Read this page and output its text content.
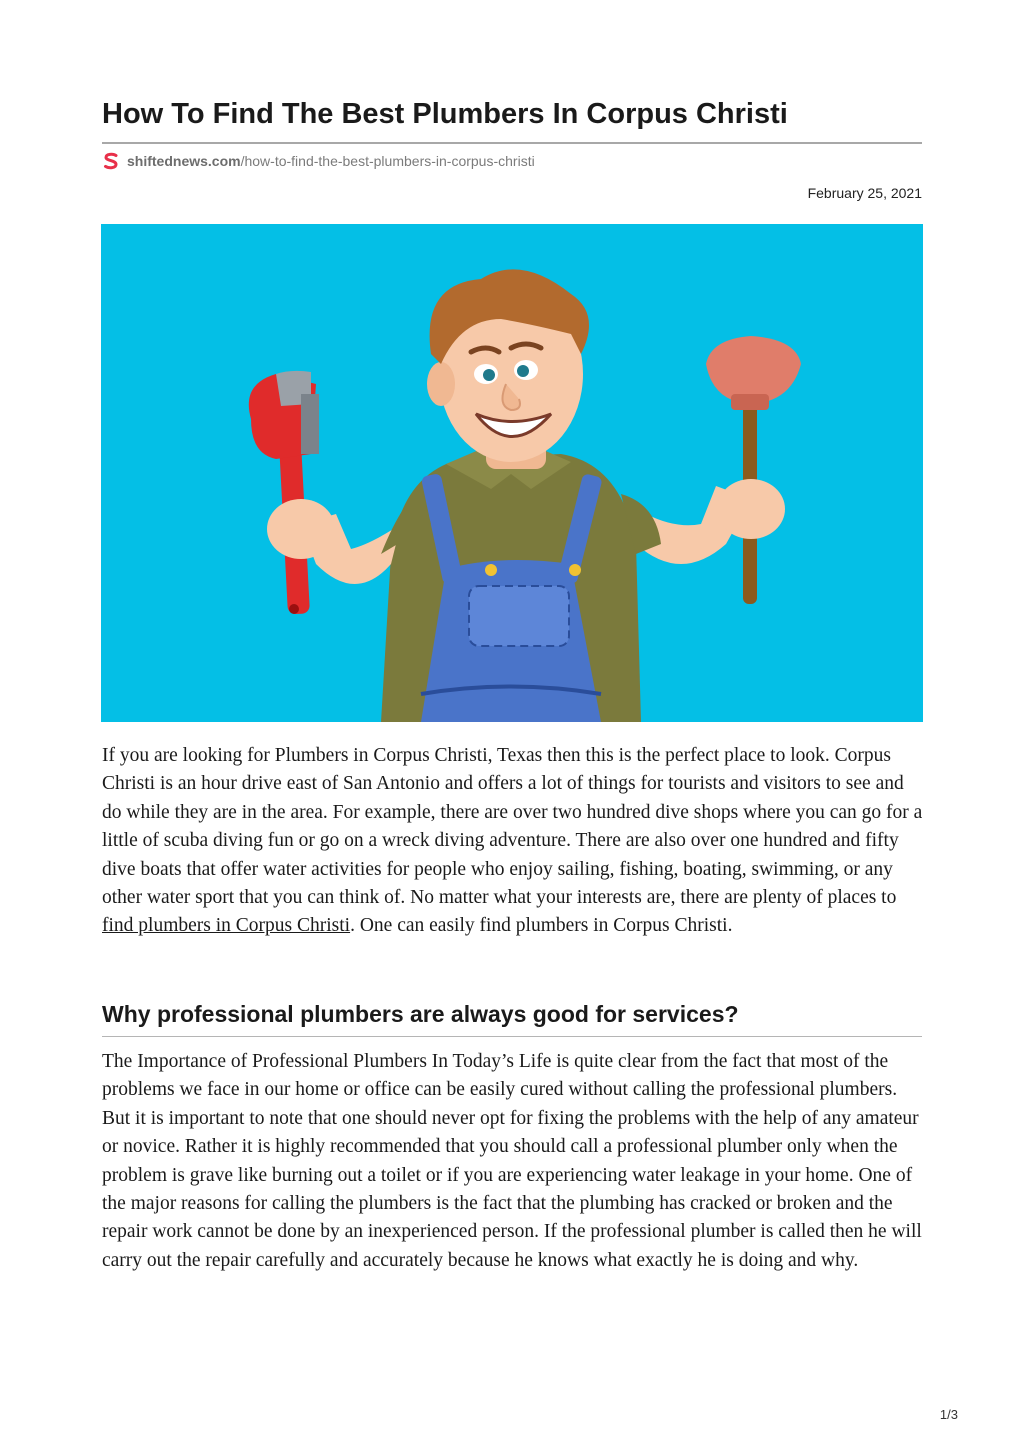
How To Find The Best Plumbers In Corpus Christi
shiftednews.com/how-to-find-the-best-plumbers-in-corpus-christi
February 25, 2021

If you are looking for Plumbers in Corpus Christi, Texas then this is the perfect place to look. Corpus Christi is an hour drive east of San Antonio and offers a lot of things for tourists and visitors to see and do while they are in the area. For example, there are over two hundred dive shops where you can go for a little of scuba diving fun or go on a wreck diving adventure. There are also over one hundred and fifty dive boats that offer water activities for people who enjoy sailing, fishing, boating, swimming, or any other water sport that you can think of. No matter what your interests are, there are plenty of places to find plumbers in Corpus Christi. One can easily find plumbers in Corpus Christi.

Why professional plumbers are always good for services?

The Importance of Professional Plumbers In Today’s Life is quite clear from the fact that most of the problems we face in our home or office can be easily cured without calling the professional plumbers. But it is important to note that one should never opt for fixing the problems with the help of any amateur or novice. Rather it is highly recommended that you should call a professional plumber only when the problem is grave like burning out a toilet or if you are experiencing water leakage in your home. One of the major reasons for calling the plumbers is the fact that the plumbing has cracked or broken and the repair work cannot be done by an inexperienced person. If the professional plumber is called then he will carry out the repair carefully and accurately because he knows what exactly he is doing and why.

1/3
